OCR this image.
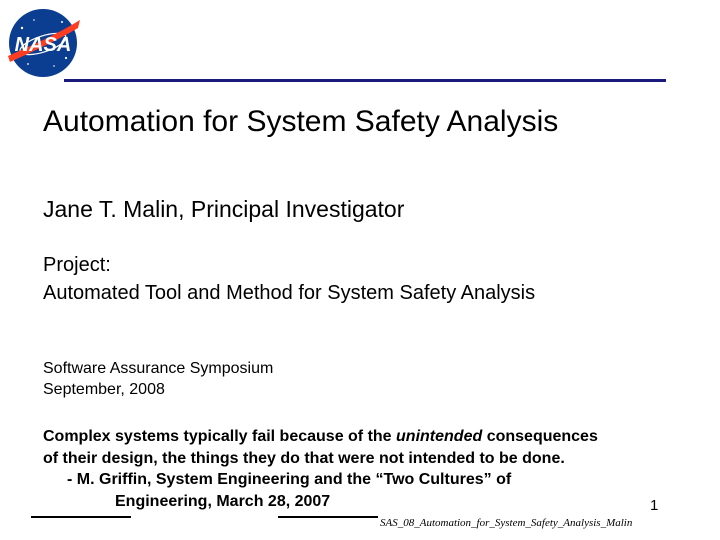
NASA
Automation for System Safety Analysis
Jane T. Malin, Principal Investigator
Project:
Automated Tool and Method for System Safety Analysis
Software Assurance Symposium
September, 2008
Complex systems typically fail because of the unintended consequences
of their design, the things they do that were not intended to be done.
- M. Griffin, System Engineering and the “Two Cultures” of
Engineering, March 28, 2007	1
SAS_08_Automation_for_System_Safety_Analysis_Malin
